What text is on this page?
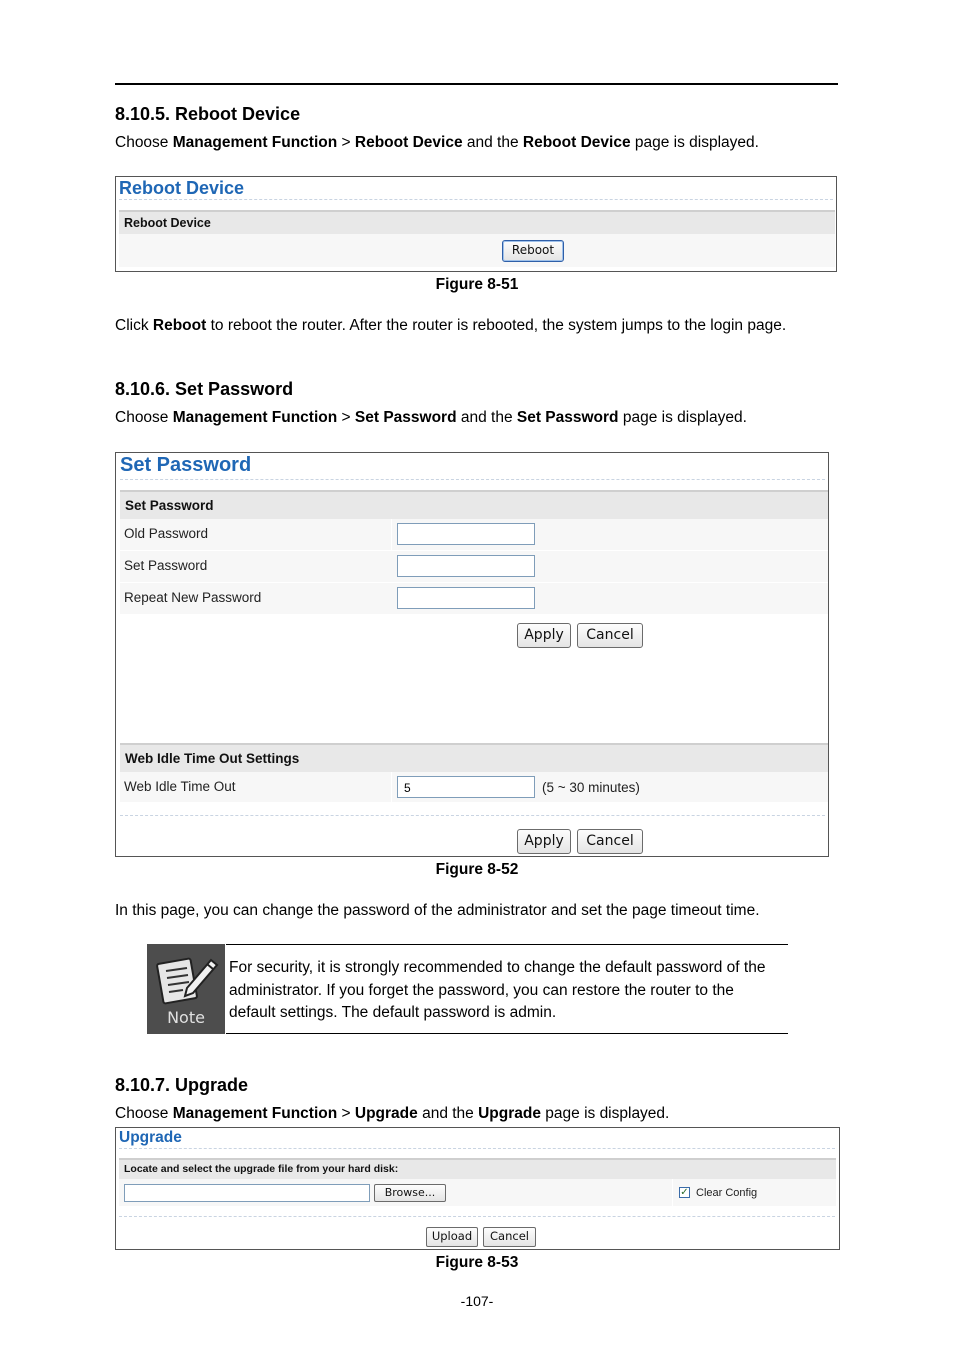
8.10.5. Reboot Device
Choose Management Function > Reboot Device and the Reboot Device page is displayed.
Reboot Device
Reboot Device
Reboot
Figure 8-51
Click Reboot to reboot the router. After the router is rebooted, the system jumps to the login page.
8.10.6. Set Password
Choose Management Function > Set Password and the Set Password page is displayed.
Set Password
Set Password
Old Password
Set Password
Repeat New Password
Apply	Cancel
Web Idle Time Out Settings
Web Idle Time Out	5	(5 ~ 30 minutes)
Apply	Cancel
Figure 8-52
In this page, you can change the password of the administrator and set the page timeout time.
Note
For security, it is strongly recommended to change the default password of the
administrator. If you forget the password, you can restore the router to the
default settings. The default password is admin.
8.10.7. Upgrade
Choose Management Function > Upgrade and the Upgrade page is displayed.
Upgrade
Locate and select the upgrade file from your hard disk:
Browse...	✓ Clear Config
Upload	Cancel
Figure 8-53
-107-
